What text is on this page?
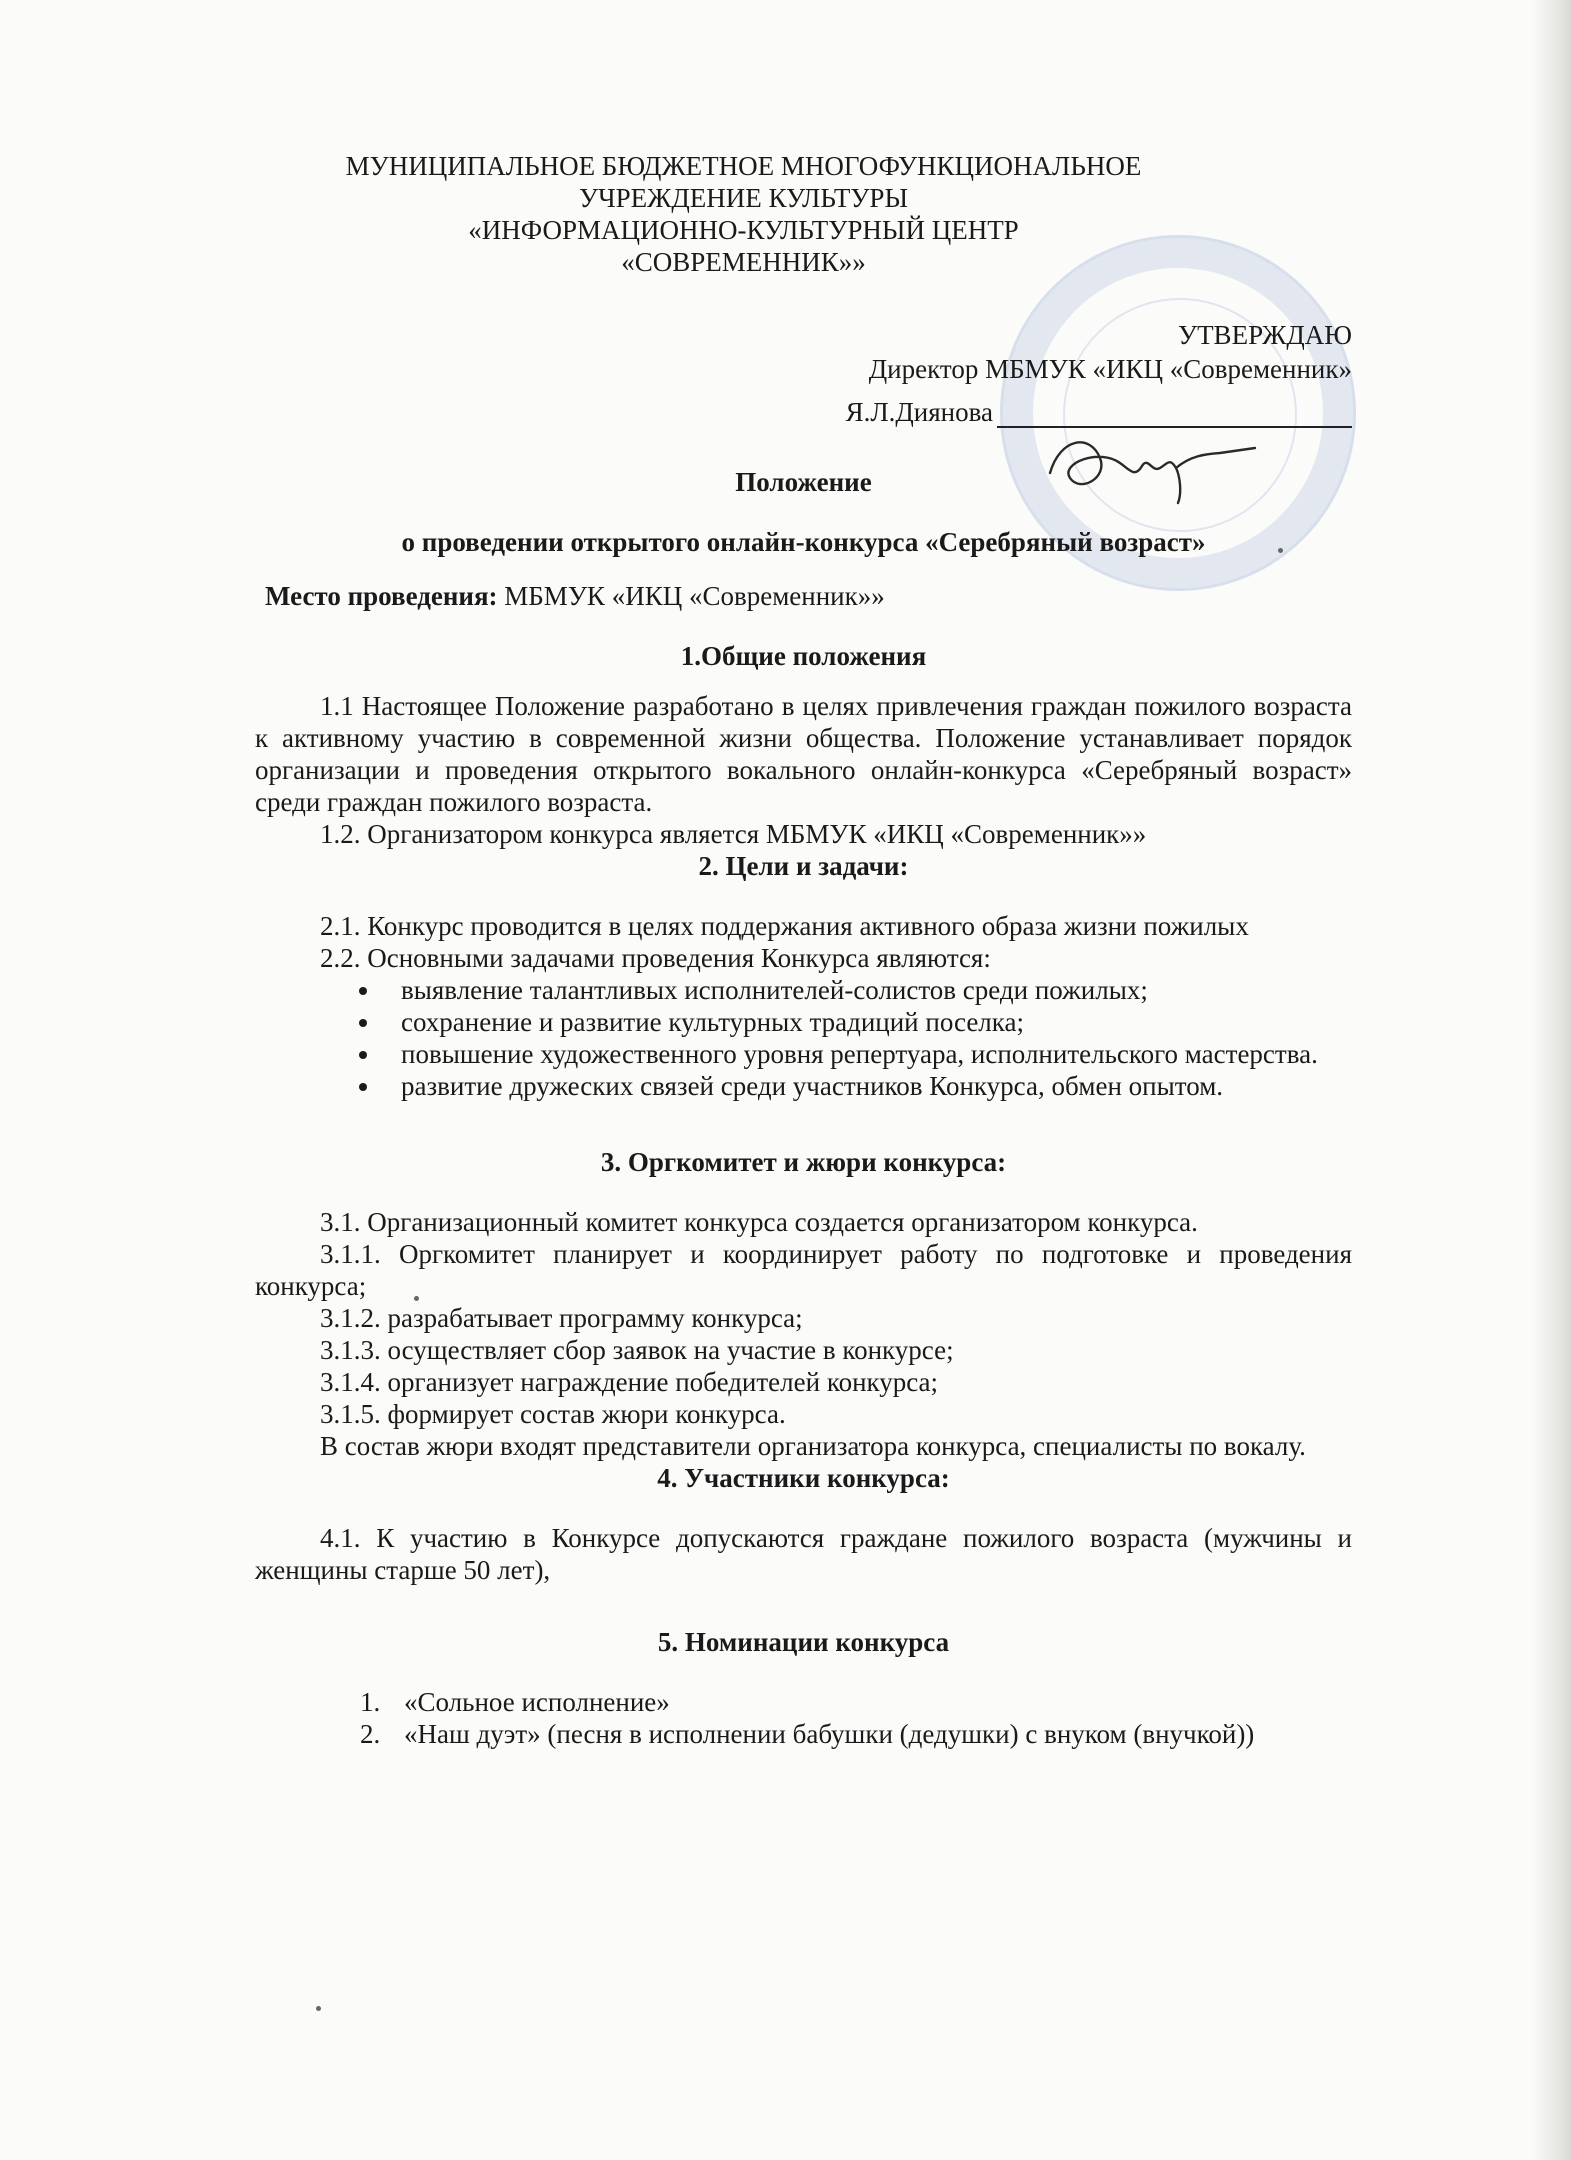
МУНИЦИПАЛЬНОЕ БЮДЖЕТНОЕ МНОГОФУНКЦИОНАЛЬНОЕ
УЧРЕЖДЕНИЕ КУЛЬТУРЫ
«ИНФОРМАЦИОННО-КУЛЬТУРНЫЙ ЦЕНТР
«СОВРЕМЕННИК»»
УТВЕРЖДАЮ
Директор МБМУК «ИКЦ «Современник»
Я.Л.Диянова
Положение
о проведении открытого онлайн-конкурса «Серебряный возраст»
Место проведения: МБМУК «ИКЦ «Современник»»
1.Общие положения
1.1 Настоящее Положение разработано в целях привлечения граждан пожилого возраста к активному участию в современной жизни общества. Положение устанавливает порядок организации и проведения открытого вокального онлайн-конкурса «Серебряный возраст» среди граждан пожилого возраста.
1.2. Организатором конкурса является МБМУК «ИКЦ «Современник»»
2. Цели и задачи:
2.1. Конкурс проводится в целях поддержания активного образа жизни пожилых
2.2. Основными задачами проведения Конкурса являются:
выявление талантливых исполнителей-солистов среди пожилых;
сохранение и развитие культурных традиций поселка;
повышение художественного уровня репертуара, исполнительского мастерства.
развитие дружеских связей среди участников Конкурса, обмен опытом.
3. Оргкомитет и жюри конкурса:
3.1. Организационный комитет конкурса создается организатором конкурса.
3.1.1. Оргкомитет планирует и координирует работу по подготовке и проведения конкурса;
3.1.2. разрабатывает программу конкурса;
3.1.3. осуществляет сбор заявок на участие в конкурсе;
3.1.4. организует награждение победителей конкурса;
3.1.5. формирует состав жюри конкурса.
В состав жюри входят представители организатора конкурса, специалисты по вокалу.
4. Участники конкурса:
4.1. К участию в Конкурсе допускаются граждане пожилого возраста (мужчины и женщины старше 50 лет),
5. Номинации конкурса
1. «Сольное исполнение»
2. «Наш дуэт» (песня в исполнении бабушки (дедушки) с внуком (внучкой))
